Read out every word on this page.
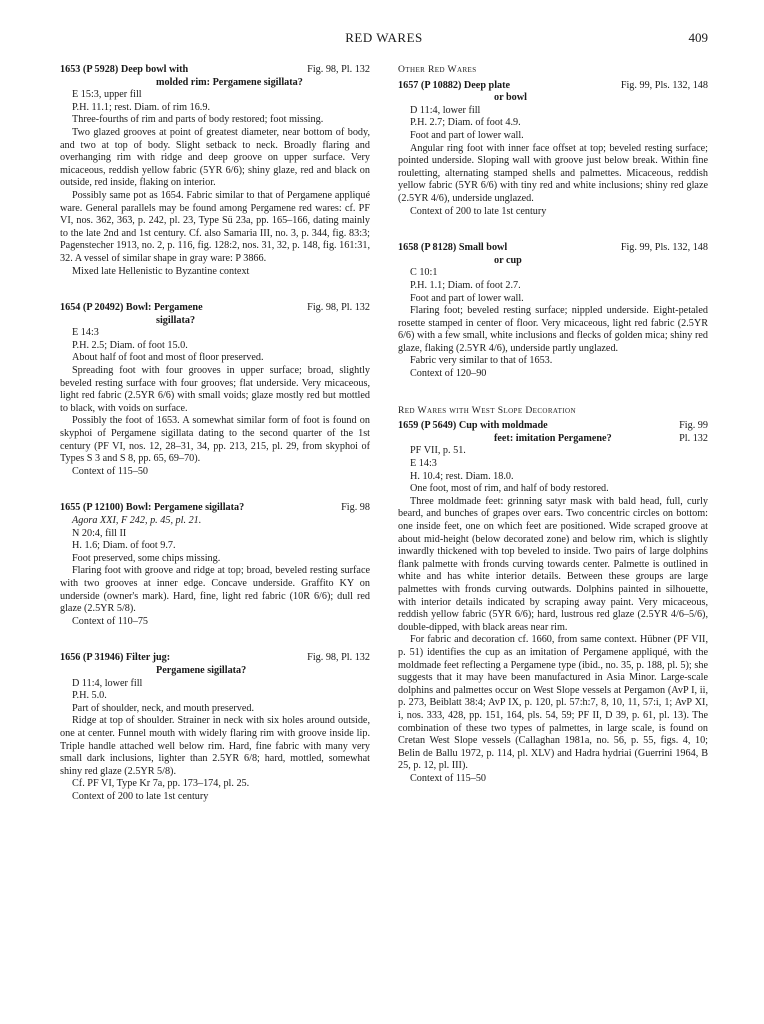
RED WARES	409
1653 (P 5928) Deep bowl with
molded rim: Pergamene sigillata?
Fig. 98, Pl. 132
E 15:3, upper fill
P.H. 11.1; rest. Diam. of rim 16.9.

Three-fourths of rim and parts of body restored; foot missing.

Two glazed grooves at point of greatest diameter, near bottom of body, and two at top of body. Slight setback to neck. Broadly flaring and overhanging rim with ridge and deep groove on upper surface. Very micaceous, reddish yellow fabric (5YR 6/6); shiny glaze, red and black on outside, red inside, flaking on interior.

Possibly same pot as 1654. Fabric similar to that of Pergamene appliqué ware. General parallels may be found among Pergamene red wares: cf. PF VI, nos. 362, 363, p. 242, pl. 23, Type Sü 23a, pp. 165–166, dating mainly to the late 2nd and 1st century. Cf. also Samaria III, no. 3, p. 344, fig. 83:3; Pagenstecher 1913, no. 2, p. 116, fig. 128:2, nos. 31, 32, p. 148, fig. 161:31, 32. A vessel of similar shape in gray ware: P 3866.

Mixed late Hellenistic to Byzantine context

1654 (P 20492) Bowl: Pergamene
sigillata?
Fig. 98, Pl. 132
E 14:3
P.H. 2.5; Diam. of foot 15.0.

About half of foot and most of floor preserved.

Spreading foot with four grooves in upper surface; broad, slightly beveled resting surface with four grooves; flat underside. Very micaceous, light red fabric (2.5YR 6/6) with small voids; glaze mostly red but mottled to black, with voids on surface.

Possibly the foot of 1653. A somewhat similar form of foot is found on skyphoi of Pergamene sigillata dating to the second quarter of the 1st century (PF VI, nos. 12, 28–31, 34, pp. 213, 215, pl. 29, from skyphoi of Types S 3 and S 8, pp. 65, 69–70).

Context of 115–50

1655 (P 12100) Bowl: Pergamene sigillata?	Fig. 98
Agora XXI, F 242, p. 45, pl. 21.
N 20:4, fill II
H. 1.6; Diam. of foot 9.7.

Foot preserved, some chips missing.

Flaring foot with groove and ridge at top; broad, beveled resting surface with two grooves at inner edge. Concave underside. Graffito KY on underside (owner's mark). Hard, fine, light red fabric (10R 6/6); dull red glaze (2.5YR 5/8).

Context of 110–75

1656 (P 31946) Filter jug:
Pergamene sigillata?
Fig. 98, Pl. 132
D 11:4, lower fill
P.H. 5.0.

Part of shoulder, neck, and mouth preserved.

Ridge at top of shoulder. Strainer in neck with six holes around outside, one at center. Funnel mouth with widely flaring rim with groove inside lip. Triple handle attached well below rim. Hard, fine fabric with many very small dark inclusions, lighter than 2.5YR 6/8; hard, mottled, somewhat shiny red glaze (2.5YR 5/8).

Cf. PF VI, Type Kr 7a, pp. 173–174, pl. 25.

Context of 200 to late 1st century

Other Red Wares
1657 (P 10882) Deep plate
or bowl
Fig. 99, Pls. 132, 148
D 11:4, lower fill
P.H. 2.7; Diam. of foot 4.9.
Foot and part of lower wall.

Angular ring foot with inner face offset at top; beveled resting surface; pointed underside. Sloping wall with groove just below break. Within fine rouletting, alternating stamped shells and palmettes. Micaceous, reddish yellow fabric (5YR 6/6) with tiny red and white inclusions; shiny red glaze (2.5YR 4/6), underside unglazed.

Context of 200 to late 1st century

1658 (P 8128) Small bowl
or cup
Fig. 99, Pls. 132, 148
C 10:1
P.H. 1.1; Diam. of foot 2.7.
Foot and part of lower wall.

Flaring foot; beveled resting surface; nippled underside. Eight-petaled rosette stamped in center of floor. Very micaceous, light red fabric (2.5YR 6/6) with a few small, white inclusions and flecks of golden mica; shiny red glaze, flaking (2.5YR 4/6), underside partly unglazed.

Fabric very similar to that of 1653.

Context of 120–90

Red Wares with West Slope Decoration
1659 (P 5649) Cup with moldmade
feet: imitation Pergamene?
Fig. 99
Pl. 132
PF VII, p. 51.
E 14:3
H. 10.4; rest. Diam. 18.0.
One foot, most of rim, and half of body restored.

Three moldmade feet: grinning satyr mask with bald head, full, curly beard, and bunches of grapes over ears. Two concentric circles on bottom: one inside feet, one on which feet are positioned. Wide scraped groove at about mid-height (below decorated zone) and below rim, which is slightly inwardly thickened with top beveled to inside. Two pairs of large dolphins flank palmette with fronds curving towards center. Palmette is outlined in white and has white interior details. Between these groups are large palmettes with fronds curving outwards. Dolphins painted in silhouette, with interior details indicated by scraping away paint. Very micaceous, reddish yellow fabric (5YR 6/6); hard, lustrous red glaze (2.5YR 4/6–5/6), double-dipped, with black areas near rim.

For fabric and decoration cf. 1660, from same context. Hübner (PF VII, p. 51) identifies the cup as an imitation of Pergamene appliqué, with the moldmade feet reflecting a Pergamene type (ibid., no. 35, p. 188, pl. 5); she suggests that it may have been manufactured in Asia Minor. Large-scale dolphins and palmettes occur on West Slope vessels at Pergamon (AvP I, ii, p. 273, Beiblatt 38:4; AvP IX, p. 120, pl. 57:h:7, 8, 10, 11, 57:i, 1; AvP XI, i, nos. 333, 428, pp. 151, 164, pls. 54, 59; PF II, D 39, p. 61, pl. 13). The combination of these two types of palmettes, in large scale, is found on Cretan West Slope vessels (Callaghan 1981a, no. 56, p. 55, figs. 4, 10; Belin de Ballu 1972, p. 114, pl. XLV) and Hadra hydriai (Guerrini 1964, B 25, p. 12, pl. III).

Context of 115–50
